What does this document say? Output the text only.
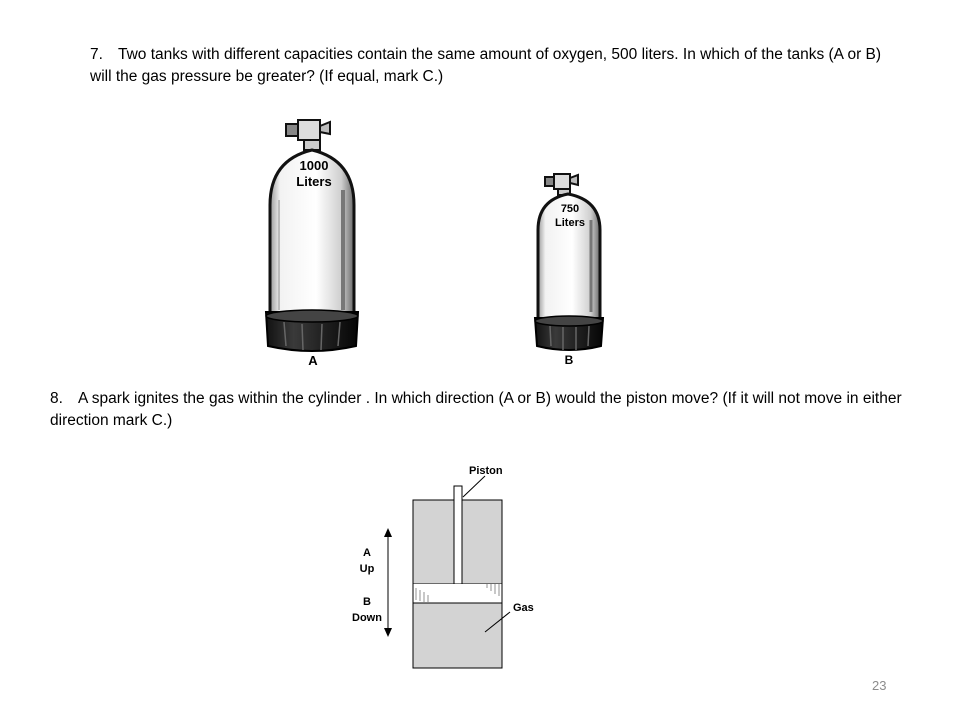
7. Two tanks with different capacities contain the same amount of oxygen, 500 liters. In which of the tanks (A or B) will the gas pressure be greater? (If equal, mark C.)

8. A spark ignites the gas within the cylinder . In which direction (A or B) would the piston move? (If it will not move in either direction mark C.)

1000
Liters
A
750
Liters
B
Piston
Gas
A
Up
B
Down
23
